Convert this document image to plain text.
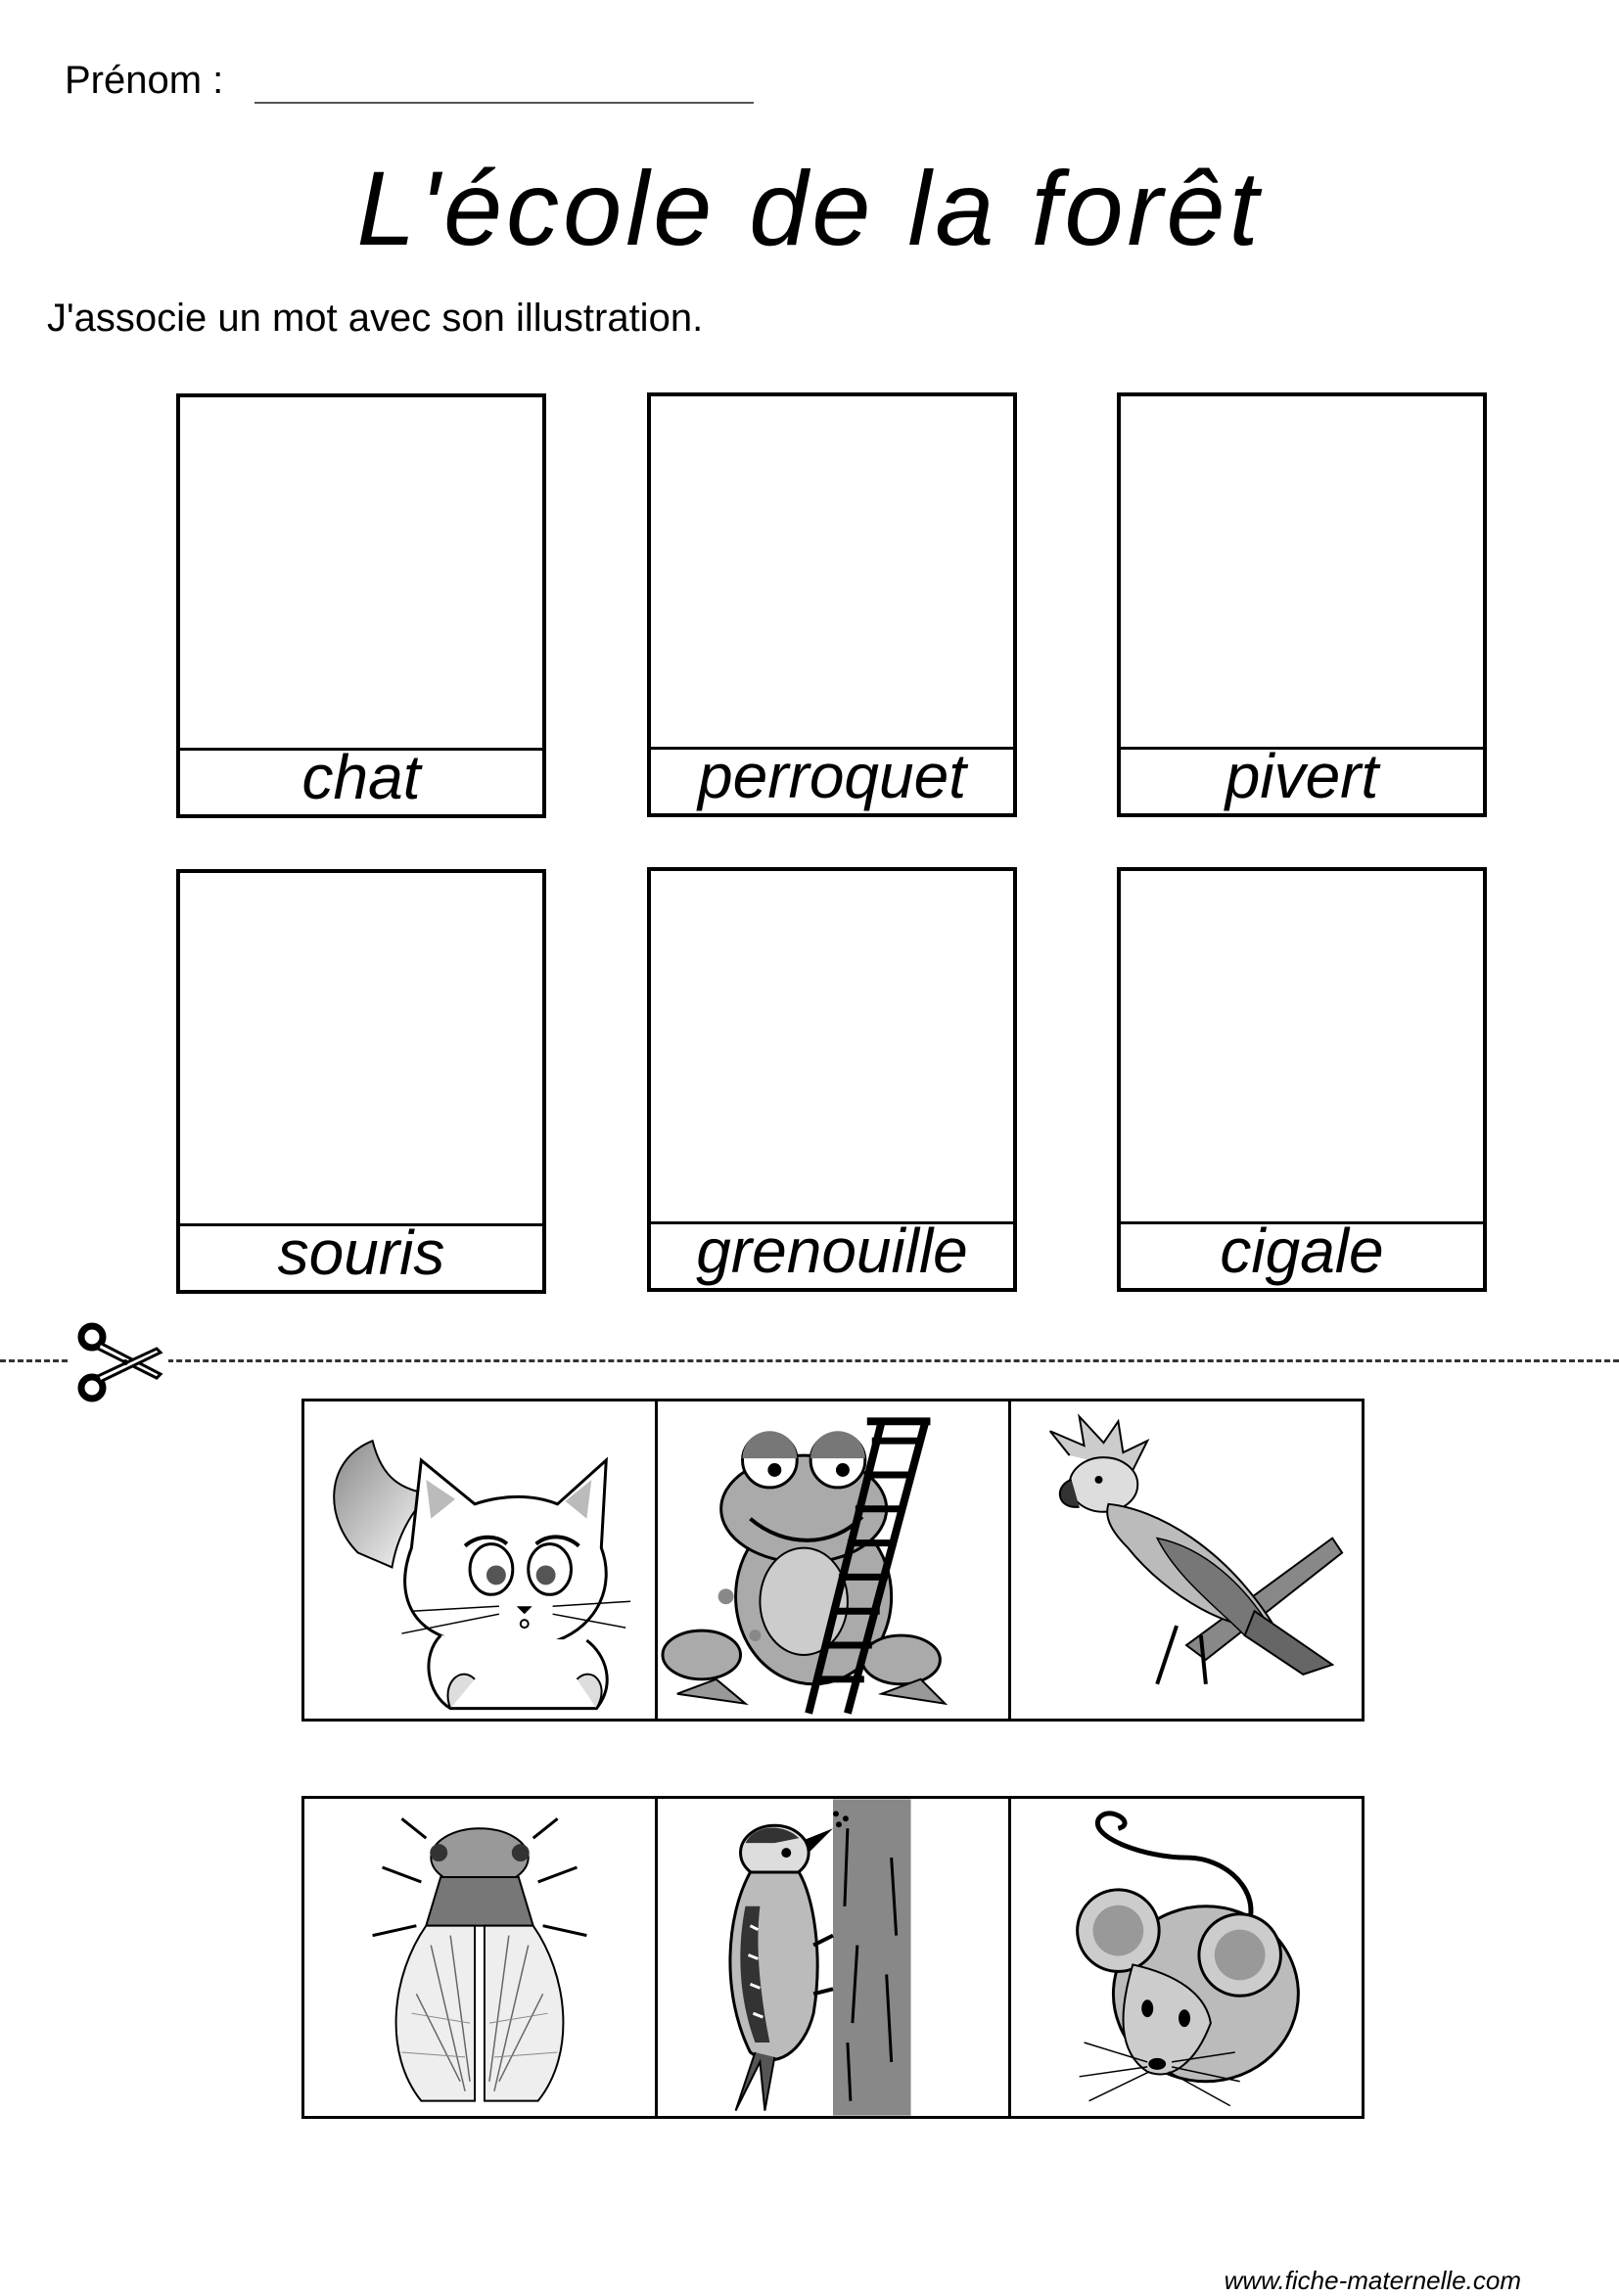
Prénom :
L'école de la forêt
J'associe un mot avec son illustration.
chat	perroquet	pivert
souris	grenouille	cigale
www.fiche-maternelle.com
